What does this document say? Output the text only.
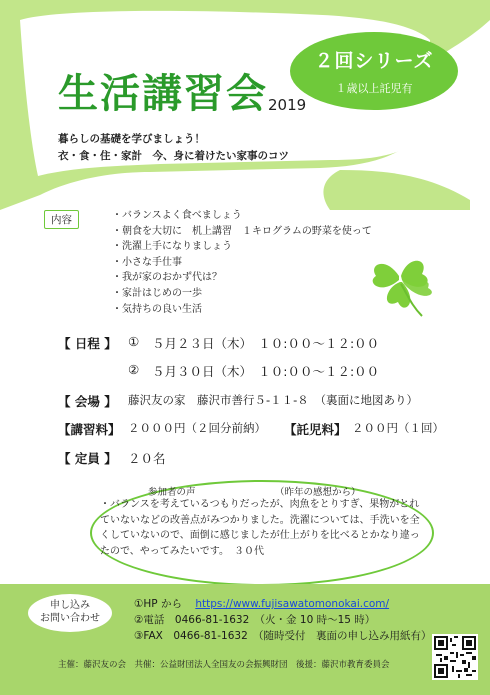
２回シリーズ
１歳以上託児有
生活講習会 2019
暮らしの基礎を学びましょう！
衣・食・住・家計　今、身に着けたい家事のコツ
内容
・	バランスよく食べましょう
・ 朝食を大切に　机上講習　１キログラムの野菜を使って
・ 洗濯上手になりましょう
・ 小さな手仕事
・ 我が家のおかず代は？
・ 家計はじめの一歩
・ 気持ちの良い生活
【 日程 】 ① ５月２３日（木）　１０:００～１２:００
② ５月３０日（木）　１０:００～１２:００
【 会場 】 藤沢友の家　藤沢市善行５-１１-８　（裏面に地図あり）
【講習料】 ２０００円（２回分前納） 【託児料】 ２００円（１回）
【 定員 】 ２０名
参加者の声	（昨年の感想から）
・バランスを考えているつもりだったが、肉魚をとりすぎ、果物がとれていないなどの改善点がみつかりました。洗濯については、手洗いを全くしていないので、面倒に感じましたが仕上がりを比べるとかなり違ったので、やってみたいです。　３０代
申し込み
お問い合わせ
①HP から https://www.fujisawatomonokai.com/
②電話　0466-81-1632　（火・金 10 時～15 時）
③FAX　0466-81-1632　（随時受付　裏面の申し込み用紙有）
主催：藤沢友の会　共催：公益財団法人全国友の会振興財団　後援：藤沢市教育委員会
